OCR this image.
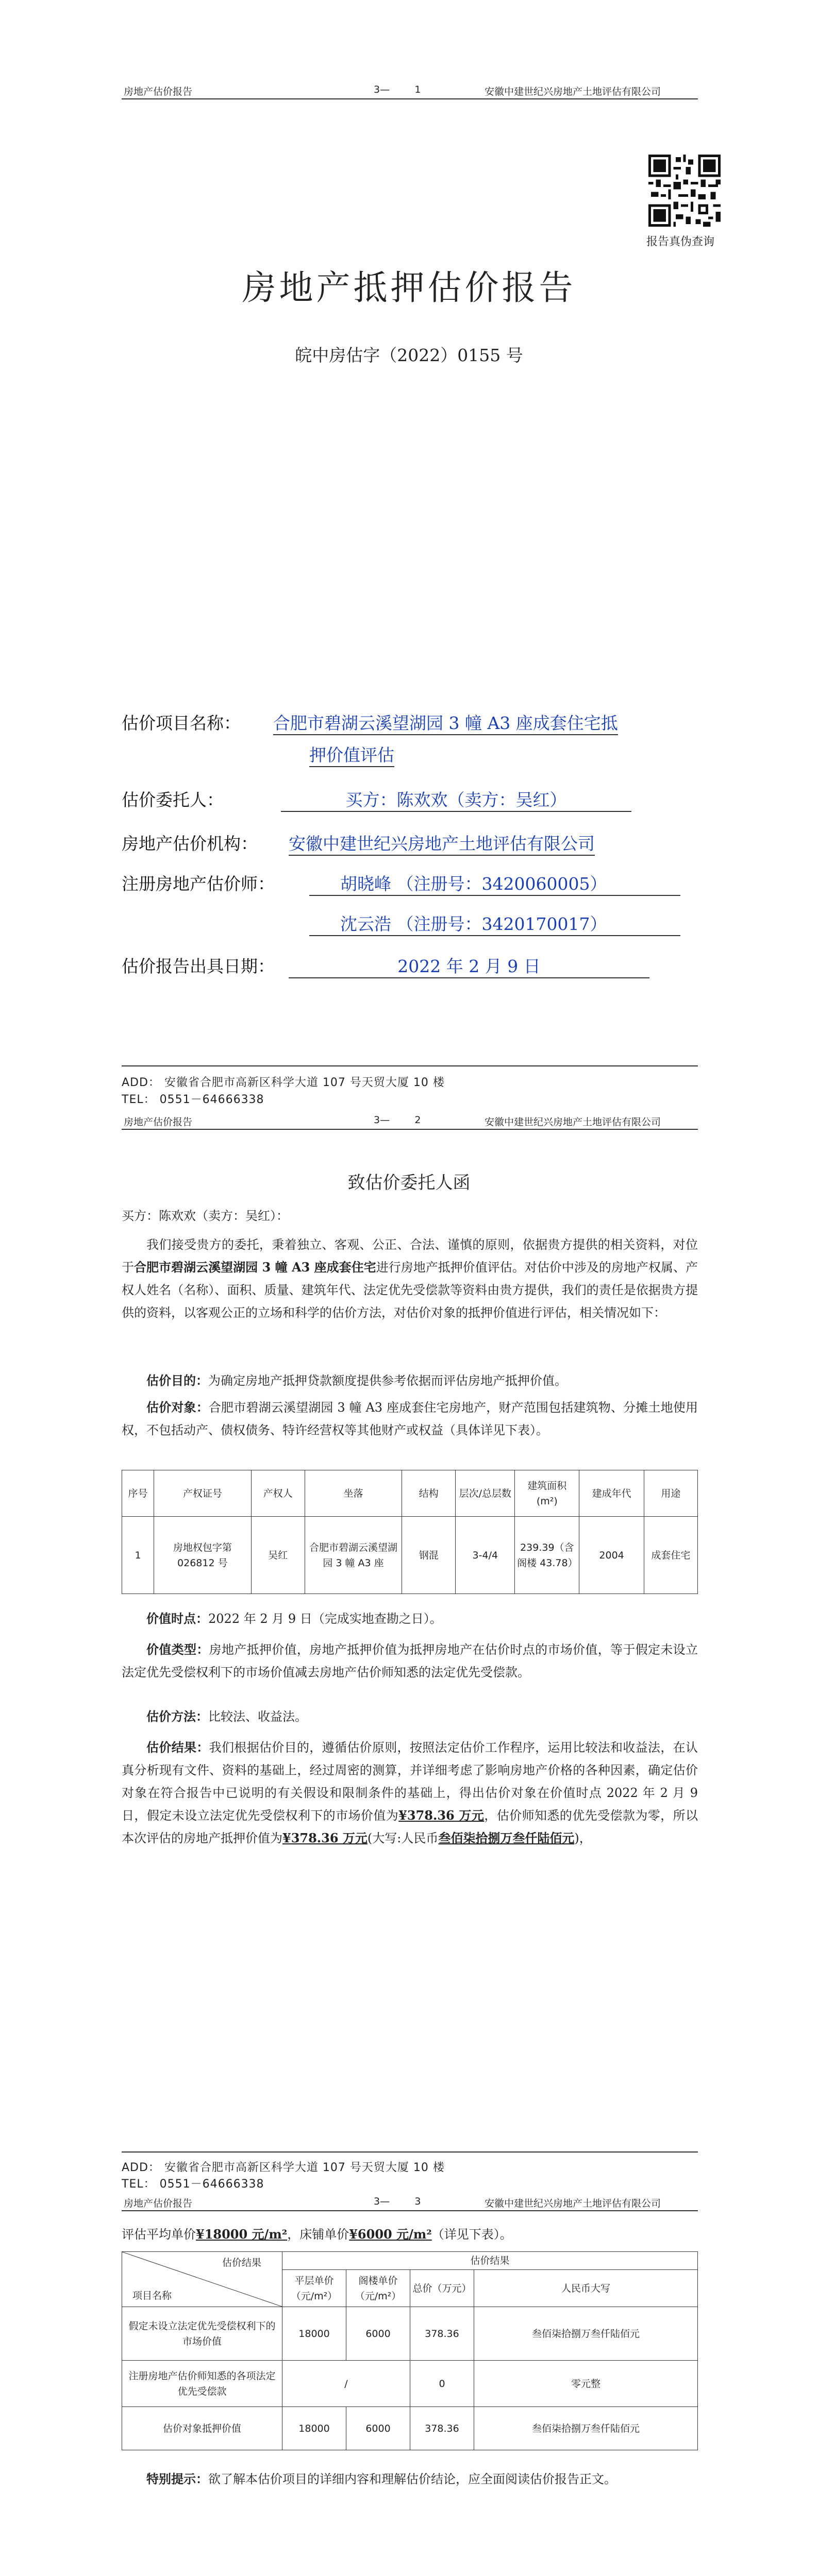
房地产估价报告	3—	1	安徽中建世纪兴房地产土地评估有限公司
报告真伪查询
房地产抵押估价报告
皖中房估字（2022）0155 号
估价项目名称： 合肥市碧湖云溪望湖园 3 幢 A3 座成套住宅抵
押价值评估
估价委托人：	买方：陈欢欢（卖方：吴红）
房地产估价机构： 安徽中建世纪兴房地产土地评估有限公司
注册房地产估价师：	胡晓峰 （注册号：3420060005）
沈云浩 （注册号：3420170017）
估价报告出具日期：	2022 年 2 月 9 日
ADD： 安徽省合肥市高新区科学大道 107 号天贸大厦 10 楼
TEL： 0551－64666338
房地产估价报告	3—	2	安徽中建世纪兴房地产土地评估有限公司
致估价委托人函
买方：陈欢欢（卖方：吴红）：
我们接受贵方的委托，秉着独立、客观、公正、合法、谨慎的原则，依据贵方提供的相关资料，对位于合肥市碧湖云溪望湖园 3 幢 A3 座成套住宅进行房地产抵押价值评估。对估价中涉及的房地产权属、产权人姓名（名称）、面积、质量、建筑年代、法定优先受偿款等资料由贵方提供，我们的责任是依据贵方提供的资料，以客观公正的立场和科学的估价方法，对估价对象的抵押价值进行评估，相关情况如下：
估价目的：为确定房地产抵押贷款额度提供参考依据而评估房地产抵押价值。
估价对象：合肥市碧湖云溪望湖园 3 幢 A3 座成套住宅房地产，财产范围包括建筑物、分摊土地使用权，不包括动产、债权债务、特许经营权等其他财产或权益（具体详见下表）。
序号	产权证号	产权人	坐落	结构	层次/总层数	建筑面积(m²)	建成年代	用途
1	房地权包字第 026812 号	吴红	合肥市碧湖云溪望湖园 3 幢 A3 座	钢混	3-4/4	239.39（含阁楼 43.78）	2004	成套住宅
价值时点：2022 年 2 月 9 日（完成实地查勘之日）。
价值类型：房地产抵押价值，房地产抵押价值为抵押房地产在估价时点的市场价值，等于假定未设立法定优先受偿权利下的市场价值减去房地产估价师知悉的法定优先受偿款。
估价方法：比较法、收益法。
估价结果：我们根据估价目的，遵循估价原则，按照法定估价工作程序，运用比较法和收益法，在认真分析现有文件、资料的基础上，经过周密的测算，并详细考虑了影响房地产价格的各种因素，确定估价对象在符合报告中已说明的有关假设和限制条件的基础上，得出估价对象在价值时点 2022 年 2 月 9 日，假定未设立法定优先受偿权利下的市场价值为¥378.36 万元，估价师知悉的优先受偿款为零，所以本次评估的房地产抵押价值为¥378.36 万元(大写:人民币叁佰柒拾捌万叁仟陆佰元)，
ADD： 安徽省合肥市高新区科学大道 107 号天贸大厦 10 楼
TEL： 0551－64666338
房地产估价报告	3—	3	安徽中建世纪兴房地产土地评估有限公司
评估平均单价¥18000 元/m²，床铺单价¥6000 元/m²（详见下表）。
估价结果
项目名称	估价结果			
	平层单价（元/m²）	阁楼单价（元/m²）	总价（万元）	人民币大写
假定未设立法定优先受偿权利下的市场价值	18000	6000	378.36	叁佰柒拾捌万叁仟陆佰元
注册房地产估价师知悉的各项法定优先受偿款	/		0	零元整
估价对象抵押价值	18000	6000	378.36	叁佰柒拾捌万叁仟陆佰元
特别提示：欲了解本估价项目的详细内容和理解估价结论，应全面阅读估价报告正文。
